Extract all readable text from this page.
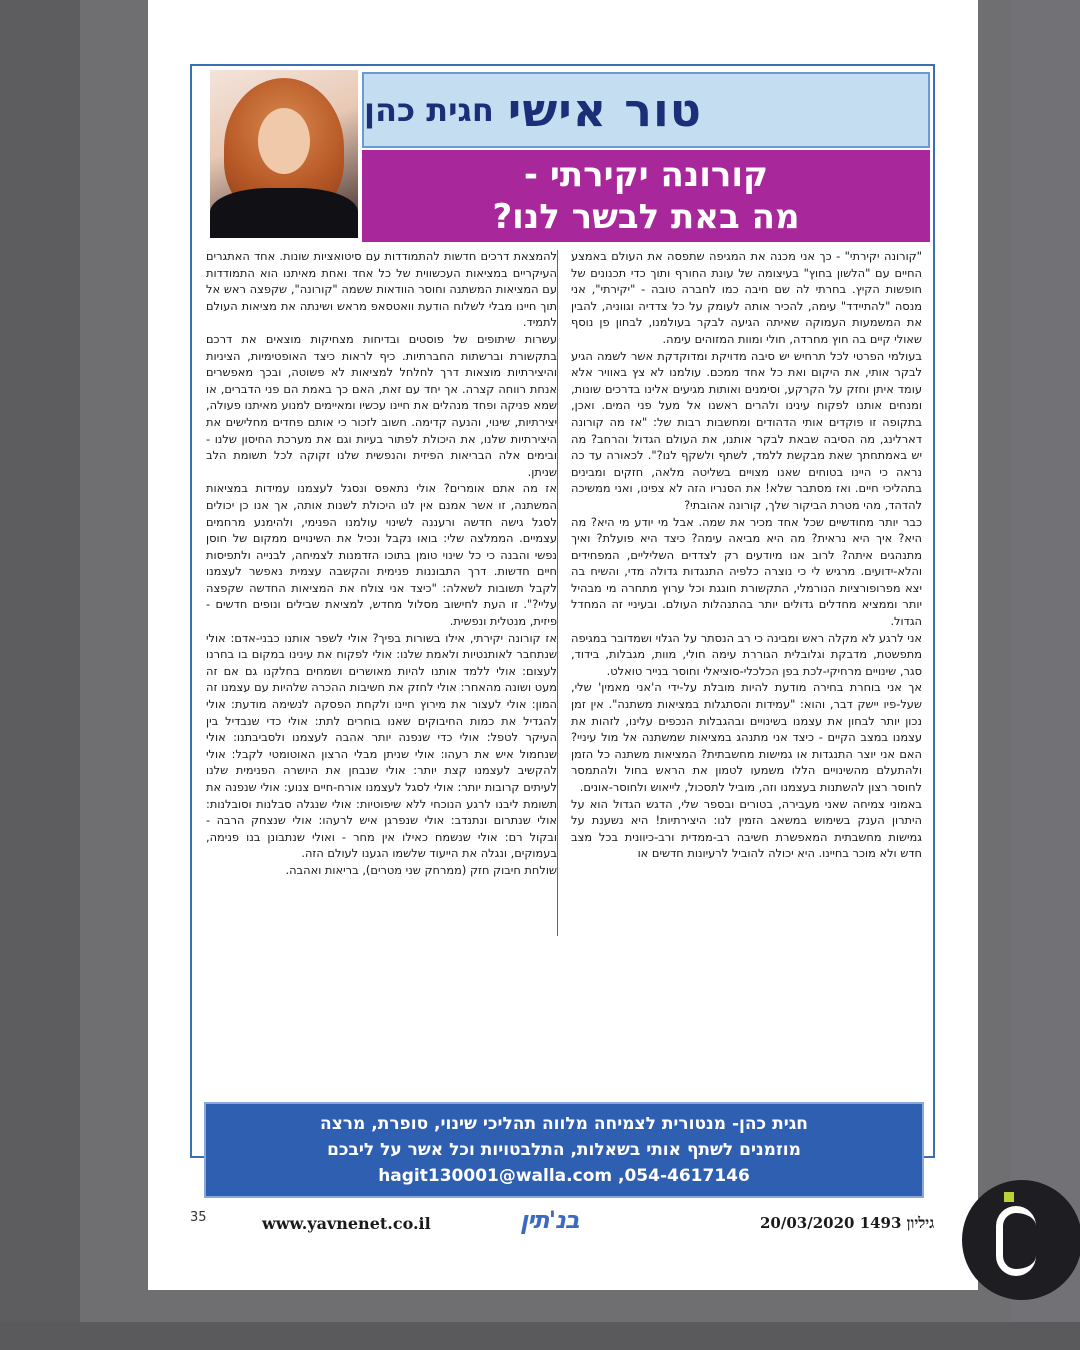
טור אישי
חגית כהן
קורונה יקירתי -
מה באת לבשר לנו?

"קורונה יקירתי" - כך אני מכנה את המגיפה שתפסה את העולם באמצע החיים עם "הלשון בחוץ" בעיצומה של עונת החורף ותוך כדי תכנונים של חופשות הקיץ. בחרתי לה שם חיבה כמו לחברה טובה - "יקירתי", אני מנסה "להתיידד" עימה, להכיר אותה לעומק על כל צדדיה וגווניה, להבין את המשמעות העמוקה שאיתה הגיעה לבקר בעולמנו, לבחון פן נוסף שאולי קיים בה חוץ מחרדה, חולי ומוות המזוהים עימה.

בעולמי הפרטי לכל תרחיש יש סיבה מדויקת ומדוקדקת אשר לשמה הגיע לבקר אותי, את היקום ואת כל אחד ממכם. עולמנו לא צץ באוויר אלא עומד איתן וחזק על הקרקע, וסימנים ואותות מגיעים אלינו בדרכים שונות, ומנחים אותנו לפקוח עינינו ולהרים ראשנו אל מעל פני המים. ואכן, בתקופה זו פוקדים אותי הדהודים ומחשבות רבות של: "אז מה קורונה דארלינג, מה הסיבה שבאת לבקר אותנו, את העולם הגדול והרחב? מה יש באמתחתך שאת מבקשת ללמד, לשתף ולשקף לנו?". לכאורה עד כה נראה כי היינו בטוחים שאנו מצויים בשליטה מלאה, חזקים ומבינים בתהליכי חיים. ואז מסתבר שלא! את הסנריו הזה לא צפינו, ואני ממשיכה להדהד, מהי מטרת הביקור שלך, קורונה אהובתי?

כבר יותר מחודשיים שכל אחד מכיר את שמה. אבל מי יודע מי היא? מה היא? איך היא נראית? מה היא מביאה עימה? כיצד היא פועלת? ואיך מתנהגים איתה? לרוב אנו מיודעים רק לצדדים השליליים, המפחידים והלא-ידועים. מרגיש לי כי נוצרה כלפיה התנגדות גדולה מדי, והשיח בה יצא מפרופורציות הנורמלי, התקשורת חוגגת וכל ערוץ מתחרה מי מבהיל יותר וממציא מחדלים גדולים יותר בהתנהלות העולם. ובעיניי זה המחדל הגדול.

אני לרגע לא מקלה ראש ומבינה כי רב הנסתר על הגלוי ושמדובר במגיפה מתפשטת, מדבקת וגלובלית הגוררת עימה חולי, מוות, מגבלות, בידוד, סגר, שינויים מרחיקי-לכת בפן הכלכלי-סוציאלי וחוסר בנייר טואלט.

אך אני בוחרת בחירה מודעת להיות מובלת על-ידי ה'אני מאמין' שלי, שעל-פיו יישק דבר, והוא: "עמידות והסתגלות במציאות משתנה". אין זמן נכון יותר לבחון את עצמנו בשינויים ובהגבלות הנכפים עלינו, לזהות את עצמנו במצב הקיים - כיצד אני מתנהג במציאות שמשתנה אל מול עיניי? האם אני יוצר התנגדות או גמישות מחשבתית? המציאות משתנה כל הזמן ולהתעלם מהשינויים הללו משמעו לטמון את הראש בחול ולהתמסר לחוסר רצון להשתנות בעצמנו וזה, מוביל לתסכול, לייאוש ולחוסר-אונים.

באמוני צמיחה שאני מעבירה, בטורים ובספר שלי, הדגש הגדול הוא על היתרון הענק בשימוש במשאב הזמין לנו: היצירתיות! היא נשענת על גמישות מחשבתית המאפשרת חשיבה רב-ממדית ורב-כיוונית בכל מצב חדש ולא מוכר בחיינו. היא יכולה להוביל לרעיונות חדשים או

להמצאת דרכים חדשות להתמודדות עם סיטואציות שונות. אחד האתגרים העיקריים במציאות העכשווית של כל אחד ואחת מאיתנו הוא התמודדות עם המציאות המשתנה וחוסר הוודאות ששמה "קורונה", שקפצה ראש אל תוך חיינו מבלי לשלוח הודעת וואטסאפ מראש ושינתה את מציאות העולם לתמיד.

עשרות שיתופים של פוסטים ובדיחות מצחיקות מוצאים את דרכם בתקשורת וברשתות החברתיות. כיף לראות כיצד האופטימיות, הציניות והיצירתיות מוצאות דרך לחלחל למציאות לא פשוטה, ובכך מאפשרים אנחת רווחה קצרה. אך יחד עם זאת, האם כך באמת הם פני הדברים, או שמא פניקה ופחד מנהלים את חיינו עכשיו ומאיימים למנוע מאיתנו פעולה, יצירתיות, שינוי, והנעה קדימה. חשוב לזכור כי אותם פחדים מחלישים את היצירתיות שלנו, את היכולת לפתור בעיות וגם את מערכת החיסון שלנו - ובימים אלה הבריאות הפיזית והנפשית שלנו זקוקה לכל תשומת הלב שניתן.

אז מה אתם אומרים? אולי נתאפס ונסגל לעצמנו עמידות במציאות המשתנה, זו אשר אמנם אין לנו היכולת לשנות אותה, אך אנו כן יכולים לסגל גישה חדשה ורעננה לשינוי עולמנו הפנימי, ולהימנע מרחמים עצמיים. הממלצה שלי: בואו נקבל ונכיל את השינויים ממקום של חוסן נפשי והבנה כי כל שינוי טומן בתוכו הזדמנות לצמיחה, לבנייה ולתפיסות חיים חדשות. דרך התבוננות פנימית והקשבה עצמית נאפשר לעצמנו לקבל תשובות לשאלה: "כיצד אני צולח את המציאות החדשה שקפצה עליי?". זו העת לחישוב מסלול מחדש, למציאת שבילים ונופים חדשים - פיזית, מנטלית ונפשית.

אז קורונה יקירתי, אילו בשורות בפיך? אולי לשפר אותנו כבני-אדם: אולי שנתחבר לאותנטיות ולאמת שלנו: אולי לפקוח את עינינו במקום בו בחרנו לעצום: אולי ללמד אותנו להיות מאושרים ושמחים בחלקנו גם אם זה מעט ושונה מהאחר: אולי לחזק את חשיבות ההכרה שלהיות עם עצמנו זה המון: אולי לעצור את מירוץ חיינו ולקחת הפסקה לנשימה מודעת: אולי להגדיל את כמות החיבוקים שאנו בוחרים לתת: אולי כדי שנבדיל בין העיקר לטפל: אולי כדי שנפנה יותר אהבה לעצמנו ולסביבתנו: אולי שנחמול איש את רעהו: אולי שניתן מבלי הרצון האוטומטי לקבל: אולי להקשיב לעצמנו קצת יותר: אולי שנבחן את היושרה הפנימית שלנו לעיתים קרובות יותר: אולי לסגל לעצמנו אורח-חיים צנוע: אולי שנפנה את תשומת ליבנו לרגע הנוכחי ללא שיפוטיות: אולי שנגלה סבלנות וסובלנות: אולי שנתרום ונתנדב: אולי שנפרגן איש לרעהו: אולי שנצחק הרבה - ובקול רם: אולי שנשמח כאילו אין מחר - ואולי שנתבונן בנו פנימה, בעמוקים, ונגלה את הייעוד שלשמו הגענו לעולם הזה.

שולחת חיבוק חזק (ממרחק שני מטרים), בריאות ואהבה.

חגית כהן- מנטורית לצמיחה מלווה תהליכי שינוי, סופרת, מרצה
מוזמנים לשתף אותי בשאלות, התלבטויות וכל אשר על ליבכם
hagit130001@walla.com ,054-4617146
35	www.yavnenet.co.il	בנ'תין	גיליון 1493 20/03/2020
